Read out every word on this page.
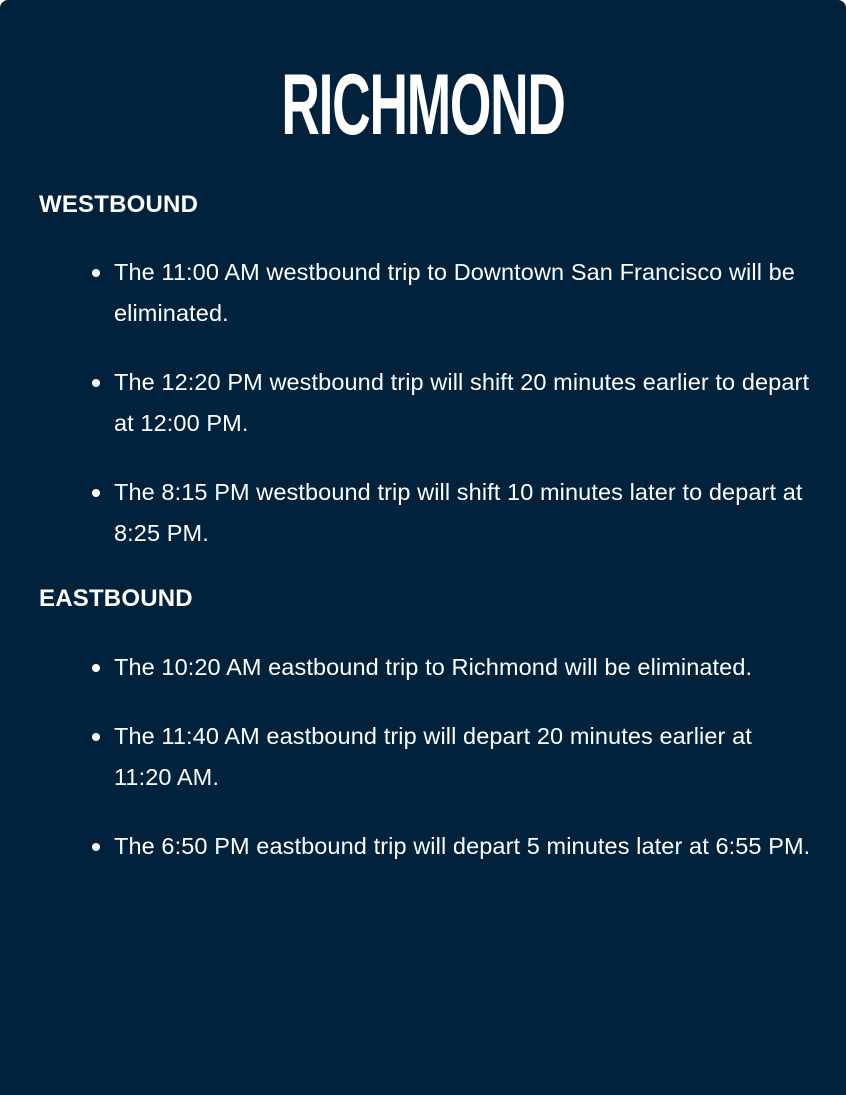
RICHMOND
WESTBOUND
The 11:00 AM westbound trip to Downtown San Francisco will be eliminated.
The 12:20 PM westbound trip will shift 20 minutes earlier to depart at 12:00 PM.
The 8:15 PM westbound trip will shift 10 minutes later to depart at 8:25 PM.
EASTBOUND
The 10:20 AM eastbound trip to Richmond will be eliminated.
The 11:40 AM eastbound trip will depart 20 minutes earlier at 11:20 AM.
The 6:50 PM eastbound trip will depart 5 minutes later at 6:55 PM.
